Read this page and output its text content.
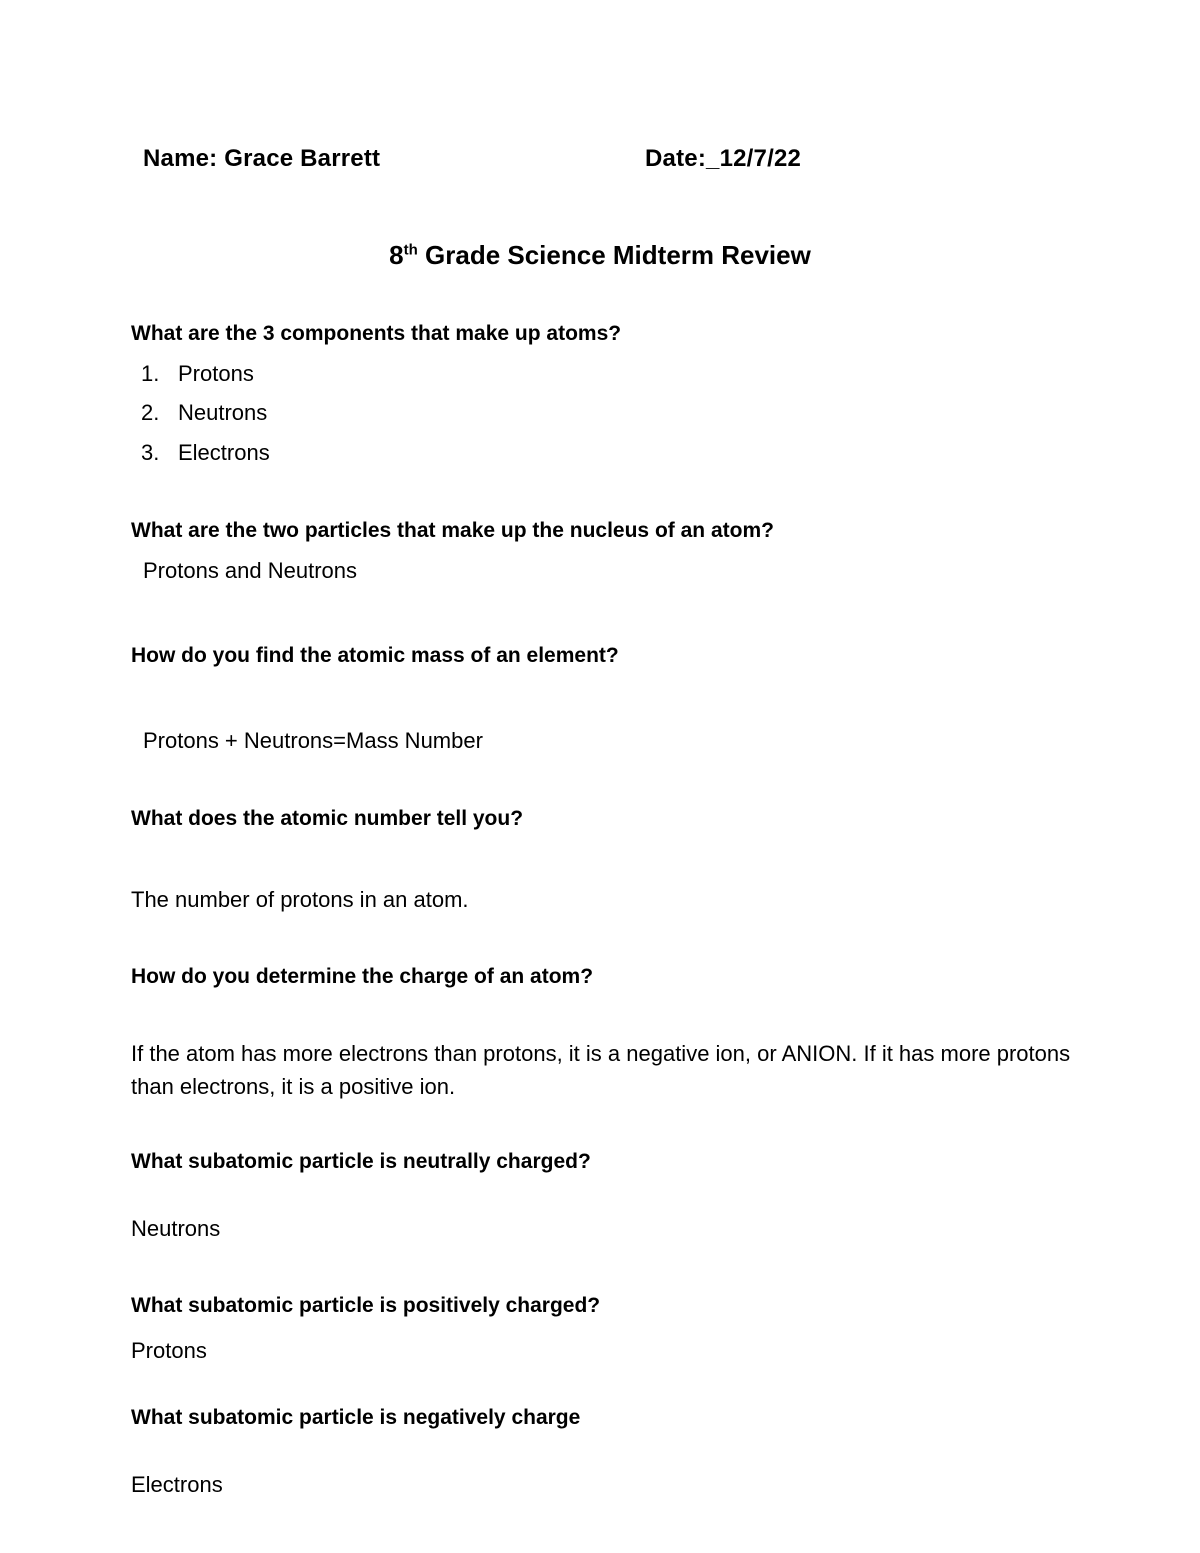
Name: Grace Barrett	Date:_12/7/22
8th Grade Science Midterm Review
What are the 3 components that make up atoms?
1. Protons
2. Neutrons
3. Electrons
What are the two particles that make up the nucleus of an atom?
Protons and Neutrons
How do you find the atomic mass of an element?
Protons + Neutrons=Mass Number
What does the atomic number tell you?
The number of protons in an atom.
How do you determine the charge of an atom?
If the atom has more electrons than protons, it is a negative ion, or ANION. If it has more protons than electrons, it is a positive ion.
What subatomic particle is neutrally charged?
Neutrons
What subatomic particle is positively charged?
Protons
What subatomic particle is negatively charge
Electrons
